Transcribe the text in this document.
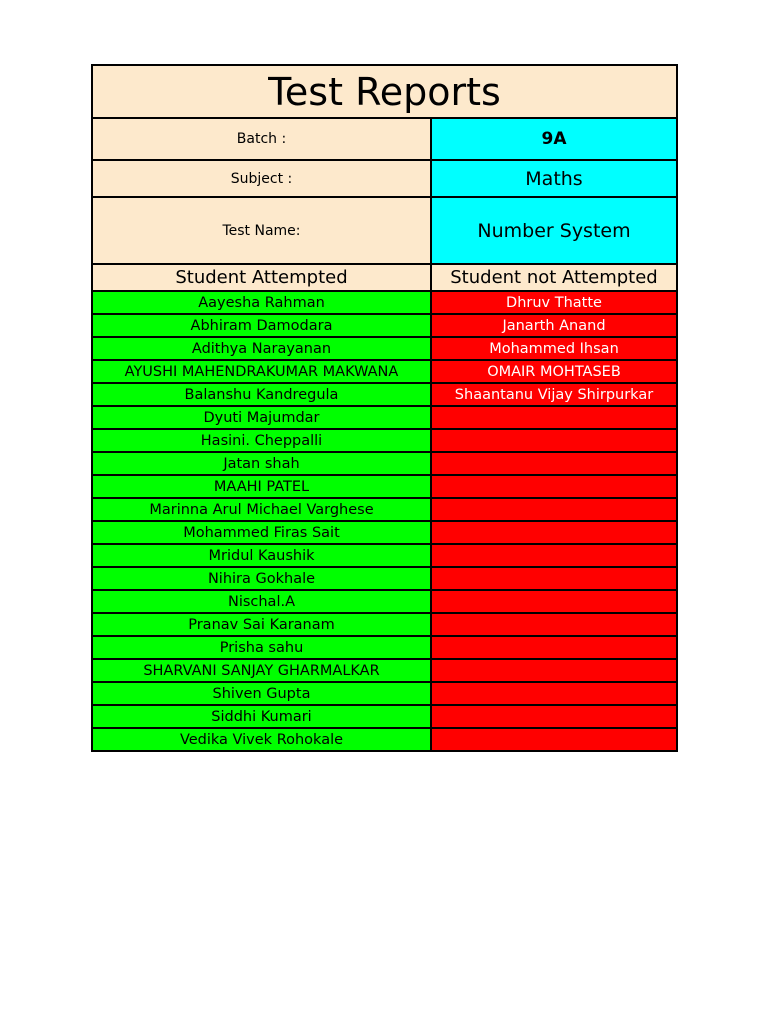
Test Reports
Batch :	9A
Subject :	Maths
Test Name:	Number System
Student Attempted	Student not Attempted
Aayesha Rahman	Dhruv Thatte
Abhiram Damodara	Janarth Anand
Adithya Narayanan	Mohammed Ihsan
AYUSHI MAHENDRAKUMAR MAKWANA	OMAIR MOHTASEB
Balanshu Kandregula	Shaantanu Vijay Shirpurkar
Dyuti Majumdar
Hasini. Cheppalli
Jatan shah
MAAHI PATEL
Marinna Arul Michael Varghese
Mohammed Firas Sait
Mridul Kaushik
Nihira Gokhale
Nischal.A
Pranav Sai Karanam
Prisha sahu
SHARVANI SANJAY GHARMALKAR
Shiven Gupta
Siddhi Kumari
Vedika Vivek Rohokale
